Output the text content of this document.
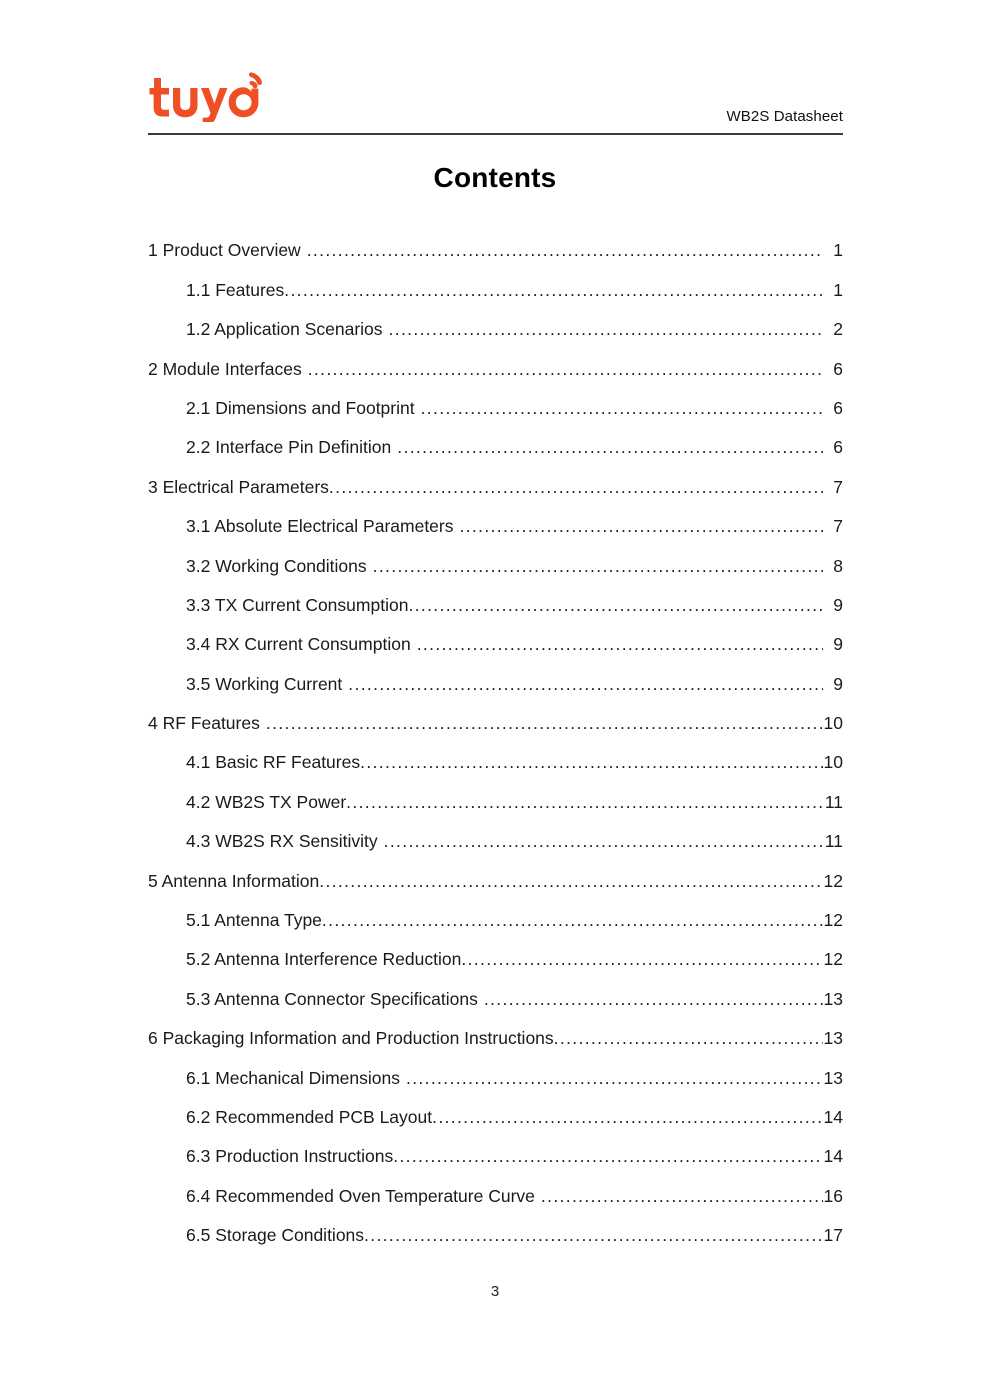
WB2S Datasheet
Contents
1 Product Overview .....	1
1.1 Features .....	1
1.2 Application Scenarios .....	2
2 Module Interfaces .....	6
2.1 Dimensions and Footprint .....	6
2.2 Interface Pin Definition .....	6
3 Electrical Parameters .....	7
3.1 Absolute Electrical Parameters .....	7
3.2 Working Conditions .....	8
3.3 TX Current Consumption .....	9
3.4 RX Current Consumption .....	9
3.5 Working Current .....	9
4 RF Features .....	10
4.1 Basic RF Features .....	10
4.2 WB2S TX Power .....	11
4.3 WB2S RX Sensitivity .....	11
5 Antenna Information .....	12
5.1 Antenna Type .....	12
5.2 Antenna Interference Reduction .....	12
5.3 Antenna Connector Specifications .....	13
6 Packaging Information and Production Instructions .....	13
6.1 Mechanical Dimensions .....	13
6.2 Recommended PCB Layout .....	14
6.3 Production Instructions .....	14
6.4 Recommended Oven Temperature Curve .....	16
6.5 Storage Conditions .....	17
3
